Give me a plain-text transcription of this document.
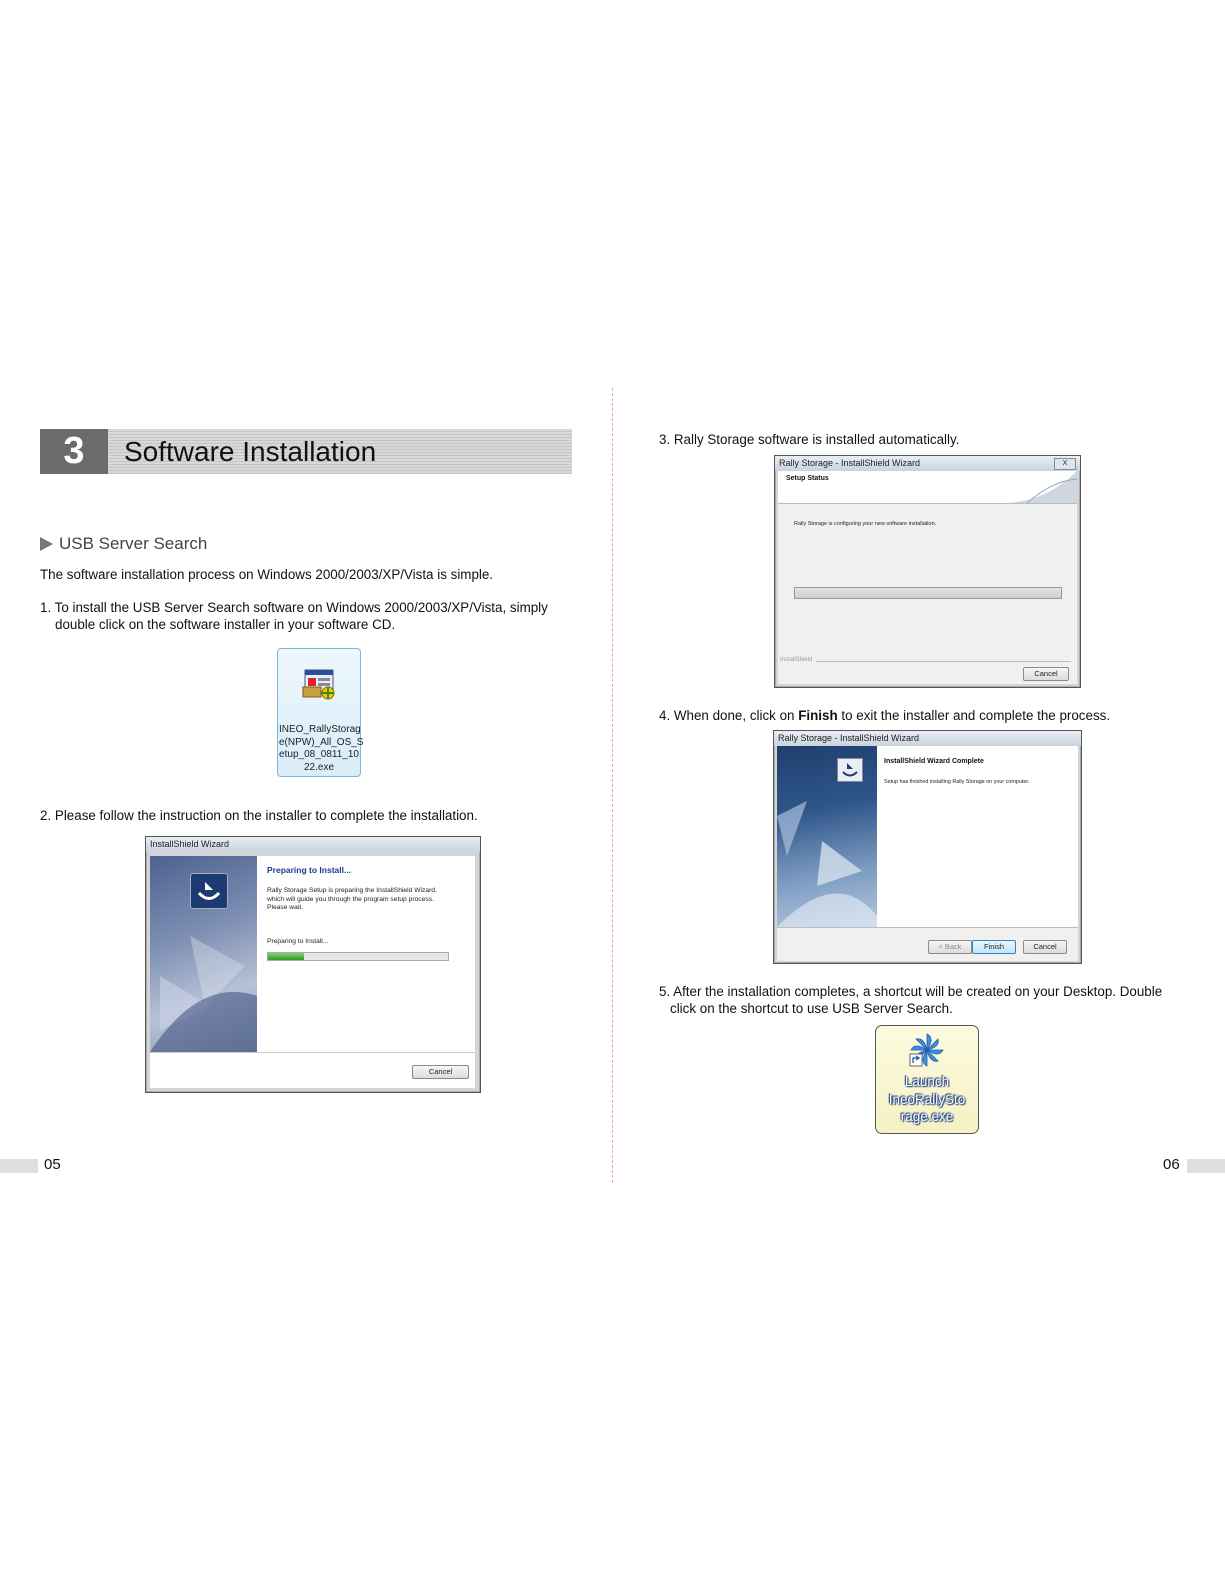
3	Software Installation
USB Server Search
The software installation process on Windows 2000/2003/XP/Vista is simple.
1. To install the USB Server Search software on Windows 2000/2003/XP/Vista, simply
double click on the software installer in your software CD.
INEO_RallyStorag
e(NPW)_All_OS_S
etup_08_0811_10
22.exe
2. Please follow the instruction on the installer to complete the installation.
InstallShield Wizard
Preparing to Install...
Rally Storage Setup is preparing the InstallShield Wizard,
which will guide you through the program setup process.
Please wait.
Preparing to Install...
Cancel
3. Rally Storage software is installed automatically.
Rally Storage - InstallShield Wizard	X
Setup Status
Rally Storage is configuring your new software installation.
InstallShield
Cancel
4. When done, click on Finish to exit the installer and complete the process.
Rally Storage - InstallShield Wizard
InstallShield Wizard Complete
Setup has finished installing Rally Storage on your computer.
< Back	Finish	Cancel
5. After the installation completes, a shortcut will be created on your Desktop. Double
click on the shortcut to use USB Server Search.
Launch
IneoRallySto
rage.exe
05	06
